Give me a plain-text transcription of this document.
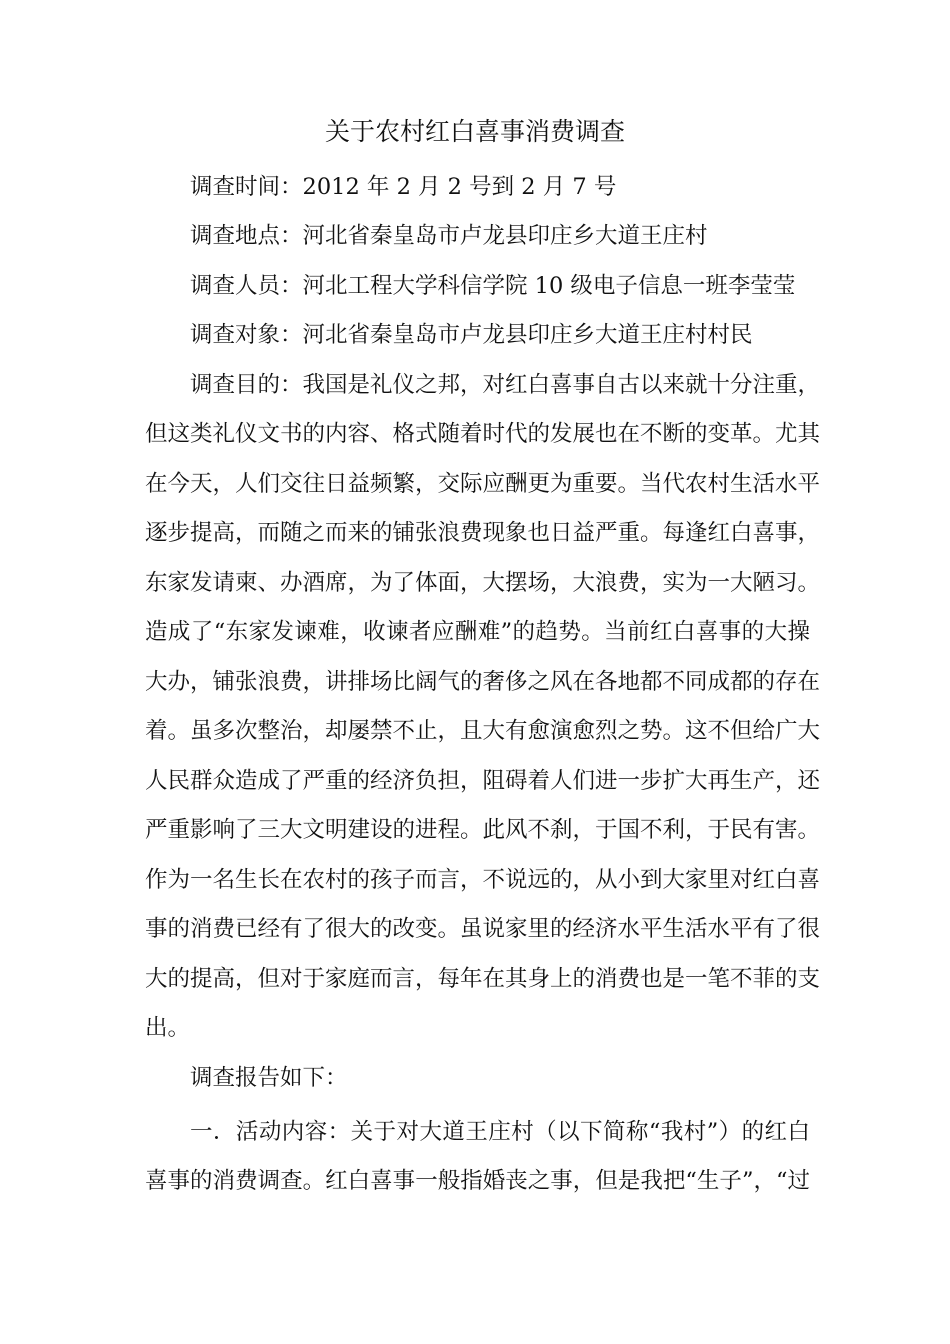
关于农村红白喜事消费调查
调查时间：2012 年 2 月 2 号到 2 月 7 号
调查地点：河北省秦皇岛市卢龙县印庄乡大道王庄村
调查人员：河北工程大学科信学院 10 级电子信息一班李莹莹
调查对象：河北省秦皇岛市卢龙县印庄乡大道王庄村村民
调查目的：我国是礼仪之邦，对红白喜事自古以来就十分注重，
但这类礼仪文书的内容、格式随着时代的发展也在不断的变革。尤其
在今天，人们交往日益频繁，交际应酬更为重要。当代农村生活水平
逐步提高，而随之而来的铺张浪费现象也日益严重。每逢红白喜事，
东家发请柬、办酒席，为了体面，大摆场，大浪费，实为一大陋习。
造成了“东家发谏难，收谏者应酬难”的趋势。当前红白喜事的大操
大办，铺张浪费，讲排场比阔气的奢侈之风在各地都不同成都的存在
着。虽多次整治，却屡禁不止，且大有愈演愈烈之势。这不但给广大
人民群众造成了严重的经济负担，阻碍着人们进一步扩大再生产，还
严重影响了三大文明建设的进程。此风不刹，于国不利，于民有害。
作为一名生长在农村的孩子而言，不说远的，从小到大家里对红白喜
事的消费已经有了很大的改变。虽说家里的经济水平生活水平有了很
大的提高，但对于家庭而言，每年在其身上的消费也是一笔不菲的支
出。
调查报告如下：
一．活动内容：关于对大道王庄村（以下简称“我村”）的红白
喜事的消费调查。红白喜事一般指婚丧之事，但是我把“生子”，“过
